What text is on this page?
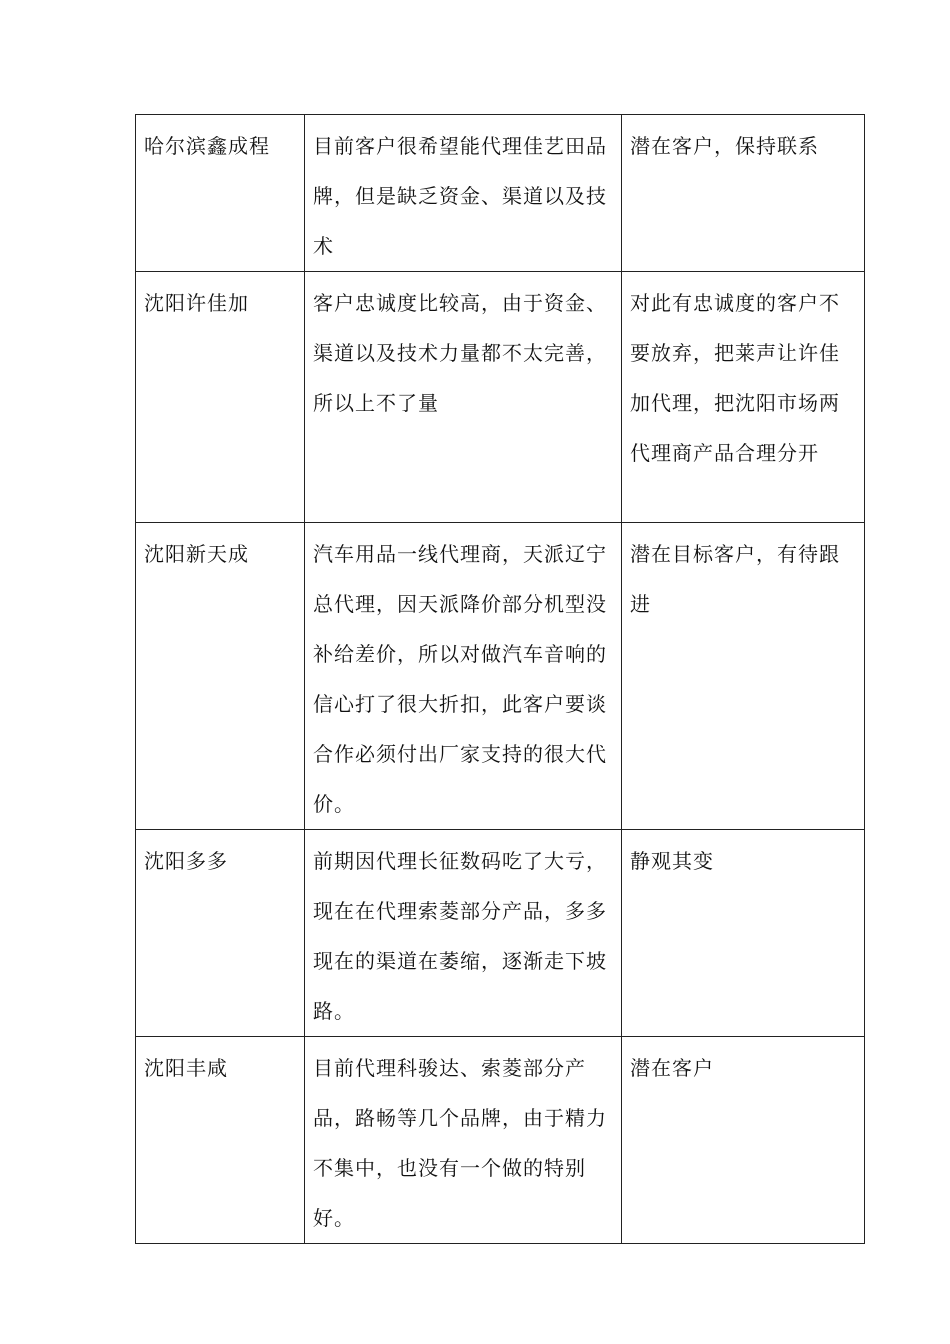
哈尔滨鑫成程	目前客户很希望能代理佳艺田品牌，但是缺乏资金、渠道以及技术	潜在客户，保持联系
沈阳许佳加	客户忠诚度比较高，由于资金、渠道以及技术力量都不太完善，所以上不了量	对此有忠诚度的客户不要放弃，把莱声让许佳加代理，把沈阳市场两代理商产品合理分开
沈阳新天成	汽车用品一线代理商，天派辽宁总代理，因天派降价部分机型没补给差价，所以对做汽车音响的信心打了很大折扣，此客户要谈合作必须付出厂家支持的很大代价。	潜在目标客户，有待跟进
沈阳多多	前期因代理长征数码吃了大亏，现在在代理索菱部分产品，多多现在的渠道在萎缩，逐渐走下坡路。	静观其变
沈阳丰咸	目前代理科骏达、索菱部分产品，路畅等几个品牌，由于精力不集中，也没有一个做的特别好。	潜在客户
